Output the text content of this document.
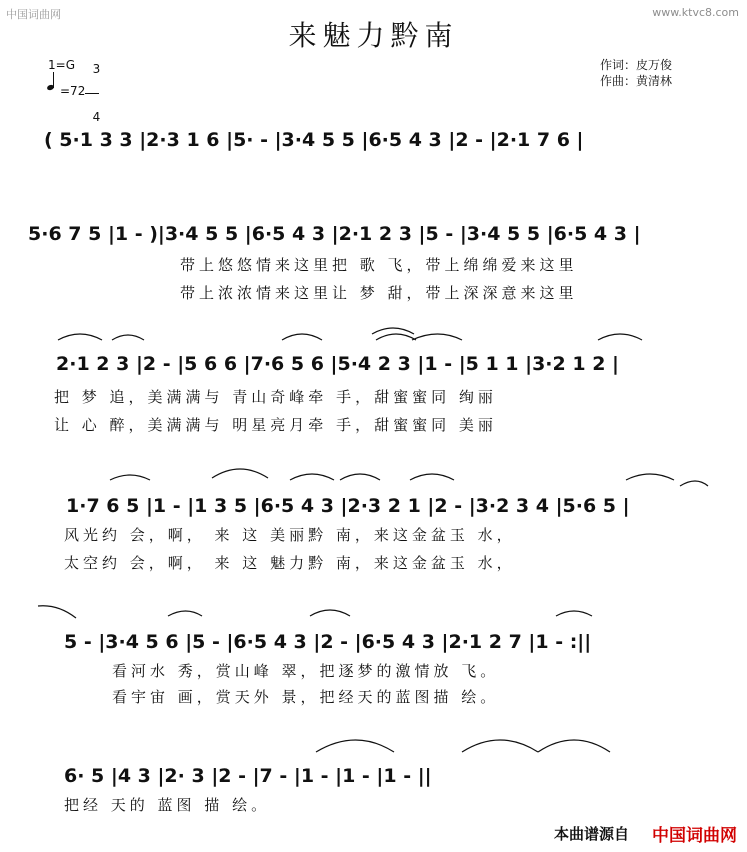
中国词曲网	www.ktvc8.com
来魅力黔南
1=G	3

4

=72
作词：皮万俊
作曲：黄清林
( 5·1 3 3 |2·3 1 6 |5· - |3·4 5 5 |6·5 4 3 |2 - |2·1 7 6 |
5·6 7 5 |1 - )|3·4 5 5 |6·5 4 3 |2·1 2 3 |5 - |3·4 5 5 |6·5 4 3 |
带上悠悠情来这里把 歌 飞，带上绵绵爱来这里
带上浓浓情来这里让 梦 甜，带上深深意来这里
2·1 2 3 |2 - |5 6 6 |7·6 5 6 |5·4 2 3 |1 - |5 1 1 |3·2 1 2 |
把 梦 追，美满满与 青山奇峰牵 手，甜蜜蜜同 绚丽
让 心 醉，美满满与 明星亮月牵 手，甜蜜蜜同 美丽
1·7 6 5 |1 - |1 3 5 |6·5 4 3 |2·3 2 1 |2 - |3·2 3 4 |5·6 5 |
风光约 会，啊， 来 这 美丽黔 南，来这金盆玉 水，
太空约 会，啊， 来 这 魅力黔 南，来这金盆玉 水，
5 - |3·4 5 6 |5 - |6·5 4 3 |2 - |6·5 4 3 |2·1 2 7 |1 - :||
看河水 秀，赏山峰 翠，把逐梦的激情放 飞。
看宇宙 画，赏天外 景，把经天的蓝图描 绘。
6· 5 |4 3 |2· 3 |2 - |7 - |1 - |1 - |1 - ||
把经 天的 蓝图 描 绘。
本曲谱源自 中国词曲网
